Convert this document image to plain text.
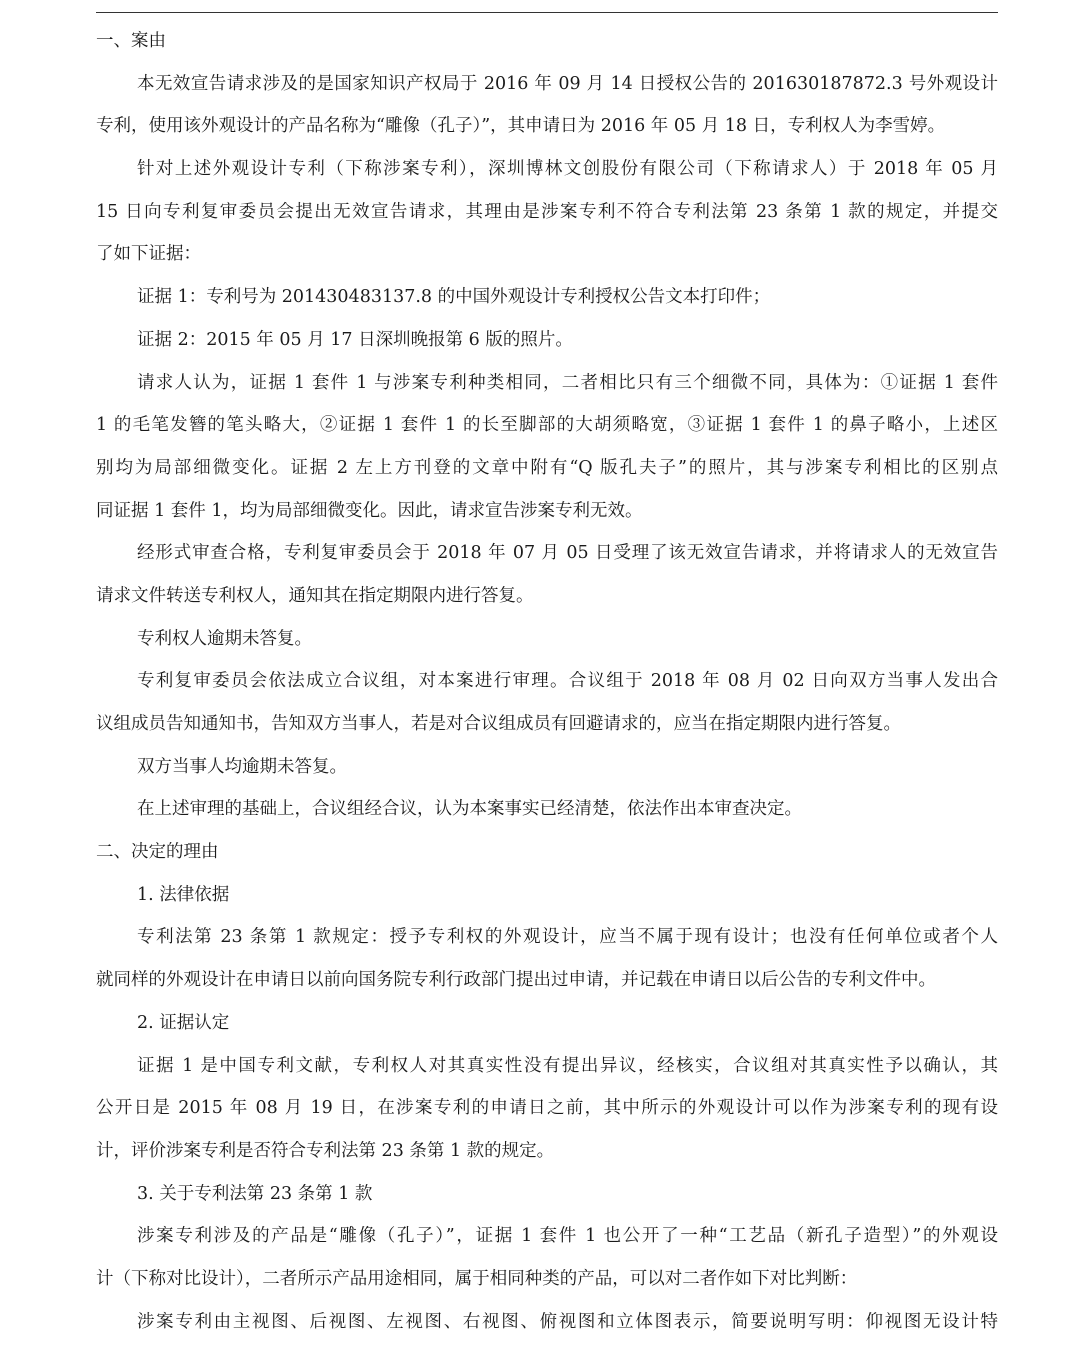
一、案由
本无效宣告请求涉及的是国家知识产权局于 2016 年 09 月 14 日授权公告的 201630187872.3 号外观设计
专利，使用该外观设计的产品名称为“雕像（孔子）”，其申请日为 2016 年 05 月 18 日，专利权人为李雪婷。
针对上述外观设计专利（下称涉案专利），深圳博林文创股份有限公司（下称请求人）于 2018 年 05 月
15 日向专利复审委员会提出无效宣告请求，其理由是涉案专利不符合专利法第 23 条第 1 款的规定，并提交
了如下证据：
证据 1：专利号为 201430483137.8 的中国外观设计专利授权公告文本打印件；
证据 2：2015 年 05 月 17 日深圳晚报第 6 版的照片。
请求人认为，证据 1 套件 1 与涉案专利种类相同，二者相比只有三个细微不同，具体为：①证据 1 套件
1 的毛笔发簪的笔头略大，②证据 1 套件 1 的长至脚部的大胡须略宽，③证据 1 套件 1 的鼻子略小，上述区
别均为局部细微变化。证据 2 左上方刊登的文章中附有“Q 版孔夫子”的照片，其与涉案专利相比的区别点
同证据 1 套件 1，均为局部细微变化。因此，请求宣告涉案专利无效。
经形式审查合格，专利复审委员会于 2018 年 07 月 05 日受理了该无效宣告请求，并将请求人的无效宣告
请求文件转送专利权人，通知其在指定期限内进行答复。
专利权人逾期未答复。
专利复审委员会依法成立合议组，对本案进行审理。合议组于 2018 年 08 月 02 日向双方当事人发出合
议组成员告知通知书，告知双方当事人，若是对合议组成员有回避请求的，应当在指定期限内进行答复。
双方当事人均逾期未答复。
在上述审理的基础上，合议组经合议，认为本案事实已经清楚，依法作出本审查决定。
二、决定的理由
1. 法律依据
专利法第 23 条第 1 款规定：授予专利权的外观设计，应当不属于现有设计；也没有任何单位或者个人
就同样的外观设计在申请日以前向国务院专利行政部门提出过申请，并记载在申请日以后公告的专利文件中。
2. 证据认定
证据 1 是中国专利文献，专利权人对其真实性没有提出异议，经核实，合议组对其真实性予以确认，其
公开日是 2015 年 08 月 19 日，在涉案专利的申请日之前，其中所示的外观设计可以作为涉案专利的现有设
计，评价涉案专利是否符合专利法第 23 条第 1 款的规定。
3. 关于专利法第 23 条第 1 款
涉案专利涉及的产品是“雕像（孔子）”，证据 1 套件 1 也公开了一种“工艺品（新孔子造型）”的外观设
计（下称对比设计），二者所示产品用途相同，属于相同种类的产品，可以对二者作如下对比判断：
涉案专利由主视图、后视图、左视图、右视图、俯视图和立体图表示，简要说明写明：仰视图无设计特
